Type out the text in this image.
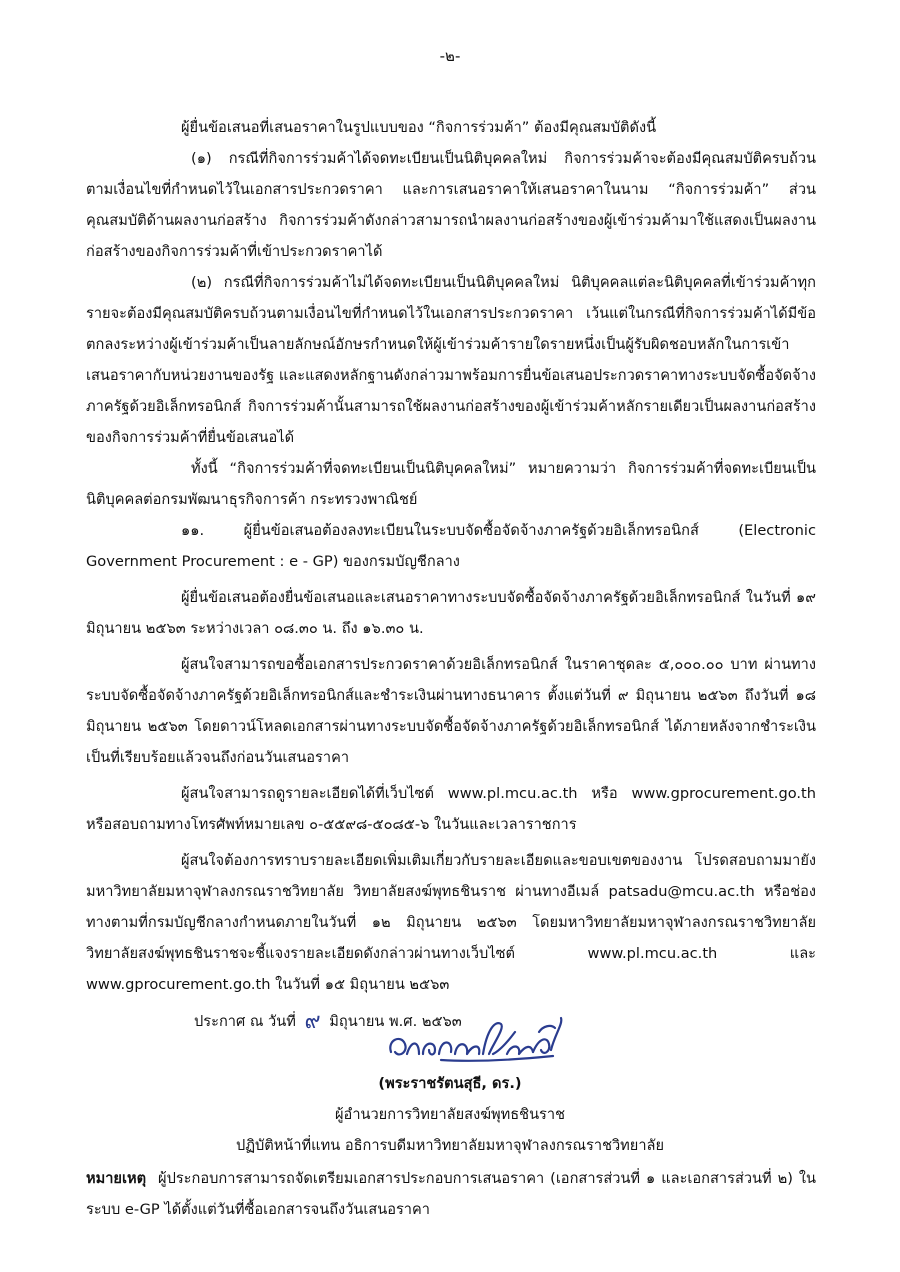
-๒-

ผู้ยื่นข้อเสนอที่เสนอราคาในรูปแบบของ “กิจการร่วมค้า” ต้องมีคุณสมบัติดังนี้

(๑) กรณีที่กิจการร่วมค้าได้จดทะเบียนเป็นนิติบุคคลใหม่ กิจการร่วมค้าจะต้องมีคุณสมบัติครบถ้วนตามเงื่อนไขที่กำหนดไว้ในเอกสารประกวดราคา และการเสนอราคาให้เสนอราคาในนาม “กิจการร่วมค้า” ส่วนคุณสมบัติด้านผลงานก่อสร้าง กิจการร่วมค้าดังกล่าวสามารถนำผลงานก่อสร้างของผู้เข้าร่วมค้ามาใช้แสดงเป็นผลงานก่อสร้างของกิจการร่วมค้าที่เข้าประกวดราคาได้

(๒) กรณีที่กิจการร่วมค้าไม่ได้จดทะเบียนเป็นนิติบุคคลใหม่ นิติบุคคลแต่ละนิติบุคคลที่เข้าร่วมค้าทุกรายจะต้องมีคุณสมบัติครบถ้วนตามเงื่อนไขที่กำหนดไว้ในเอกสารประกวดราคา เว้นแต่ในกรณีที่กิจการร่วมค้าได้มีข้อตกลงระหว่างผู้เข้าร่วมค้าเป็นลายลักษณ์อักษรกำหนดให้ผู้เข้าร่วมค้ารายใดรายหนึ่งเป็นผู้รับผิดชอบหลักในการเข้าเสนอราคากับหน่วยงานของรัฐ และแสดงหลักฐานดังกล่าวมาพร้อมการยื่นข้อเสนอประกวดราคาทางระบบจัดซื้อจัดจ้างภาครัฐด้วยอิเล็กทรอนิกส์ กิจการร่วมค้านั้นสามารถใช้ผลงานก่อสร้างของผู้เข้าร่วมค้าหลักรายเดียวเป็นผลงานก่อสร้างของกิจการร่วมค้าที่ยื่นข้อเสนอได้

ทั้งนี้ “กิจการร่วมค้าที่จดทะเบียนเป็นนิติบุคคลใหม่” หมายความว่า กิจการร่วมค้าที่จดทะเบียนเป็นนิติบุคคลต่อกรมพัฒนาธุรกิจการค้า กระทรวงพาณิชย์

๑๑. ผู้ยื่นข้อเสนอต้องลงทะเบียนในระบบจัดซื้อจัดจ้างภาครัฐด้วยอิเล็กทรอนิกส์ (Electronic Government Procurement : e - GP) ของกรมบัญชีกลาง

ผู้ยื่นข้อเสนอต้องยื่นข้อเสนอและเสนอราคาทางระบบจัดซื้อจัดจ้างภาครัฐด้วยอิเล็กทรอนิกส์ ในวันที่ ๑๙ มิถุนายน ๒๕๖๓ ระหว่างเวลา ๐๘.๓๐ น. ถึง ๑๖.๓๐ น.

ผู้สนใจสามารถขอซื้อเอกสารประกวดราคาด้วยอิเล็กทรอนิกส์ ในราคาชุดละ ๕,๐๐๐.๐๐ บาท ผ่านทางระบบจัดซื้อจัดจ้างภาครัฐด้วยอิเล็กทรอนิกส์และชำระเงินผ่านทางธนาคาร ตั้งแต่วันที่ ๙ มิถุนายน ๒๕๖๓ ถึงวันที่ ๑๘ มิถุนายน ๒๕๖๓ โดยดาวน์โหลดเอกสารผ่านทางระบบจัดซื้อจัดจ้างภาครัฐด้วยอิเล็กทรอนิกส์ ได้ภายหลังจากชำระเงินเป็นที่เรียบร้อยแล้วจนถึงก่อนวันเสนอราคา

ผู้สนใจสามารถดูรายละเอียดได้ที่เว็บไซต์ www.pl.mcu.ac.th หรือ www.gprocurement.go.th หรือสอบถามทางโทรศัพท์หมายเลข ๐-๕๕๙๘-๕๐๘๕-๖ ในวันและเวลาราชการ

ผู้สนใจต้องการทราบรายละเอียดเพิ่มเติมเกี่ยวกับรายละเอียดและขอบเขตของงาน โปรดสอบถามมายังมหาวิทยาลัยมหาจุฬาลงกรณราชวิทยาลัย วิทยาลัยสงฆ์พุทธชินราช ผ่านทางอีเมล์ patsadu@mcu.ac.th หรือช่องทางตามที่กรมบัญชีกลางกำหนดภายในวันที่ ๑๒ มิถุนายน ๒๕๖๓ โดยมหาวิทยาลัยมหาจุฬาลงกรณราชวิทยาลัย วิทยาลัยสงฆ์พุทธชินราชจะชี้แจงรายละเอียดดังกล่าวผ่านทางเว็บไซต์ www.pl.mcu.ac.th และ www.gprocurement.go.th ในวันที่ ๑๕ มิถุนายน ๒๕๖๓

ประกาศ ณ วันที่ ๙ มิถุนายน พ.ศ. ๒๕๖๓
(พระราชรัตนสุธี, ดร.)
ผู้อำนวยการวิทยาลัยสงฆ์พุทธชินราช
ปฏิบัติหน้าที่แทน อธิการบดีมหาวิทยาลัยมหาจุฬาลงกรณราชวิทยาลัย
หมายเหตุ ผู้ประกอบการสามารถจัดเตรียมเอกสารประกอบการเสนอราคา (เอกสารส่วนที่ ๑ และเอกสารส่วนที่ ๒) ในระบบ e-GP ได้ตั้งแต่วันที่ซื้อเอกสารจนถึงวันเสนอราคา
